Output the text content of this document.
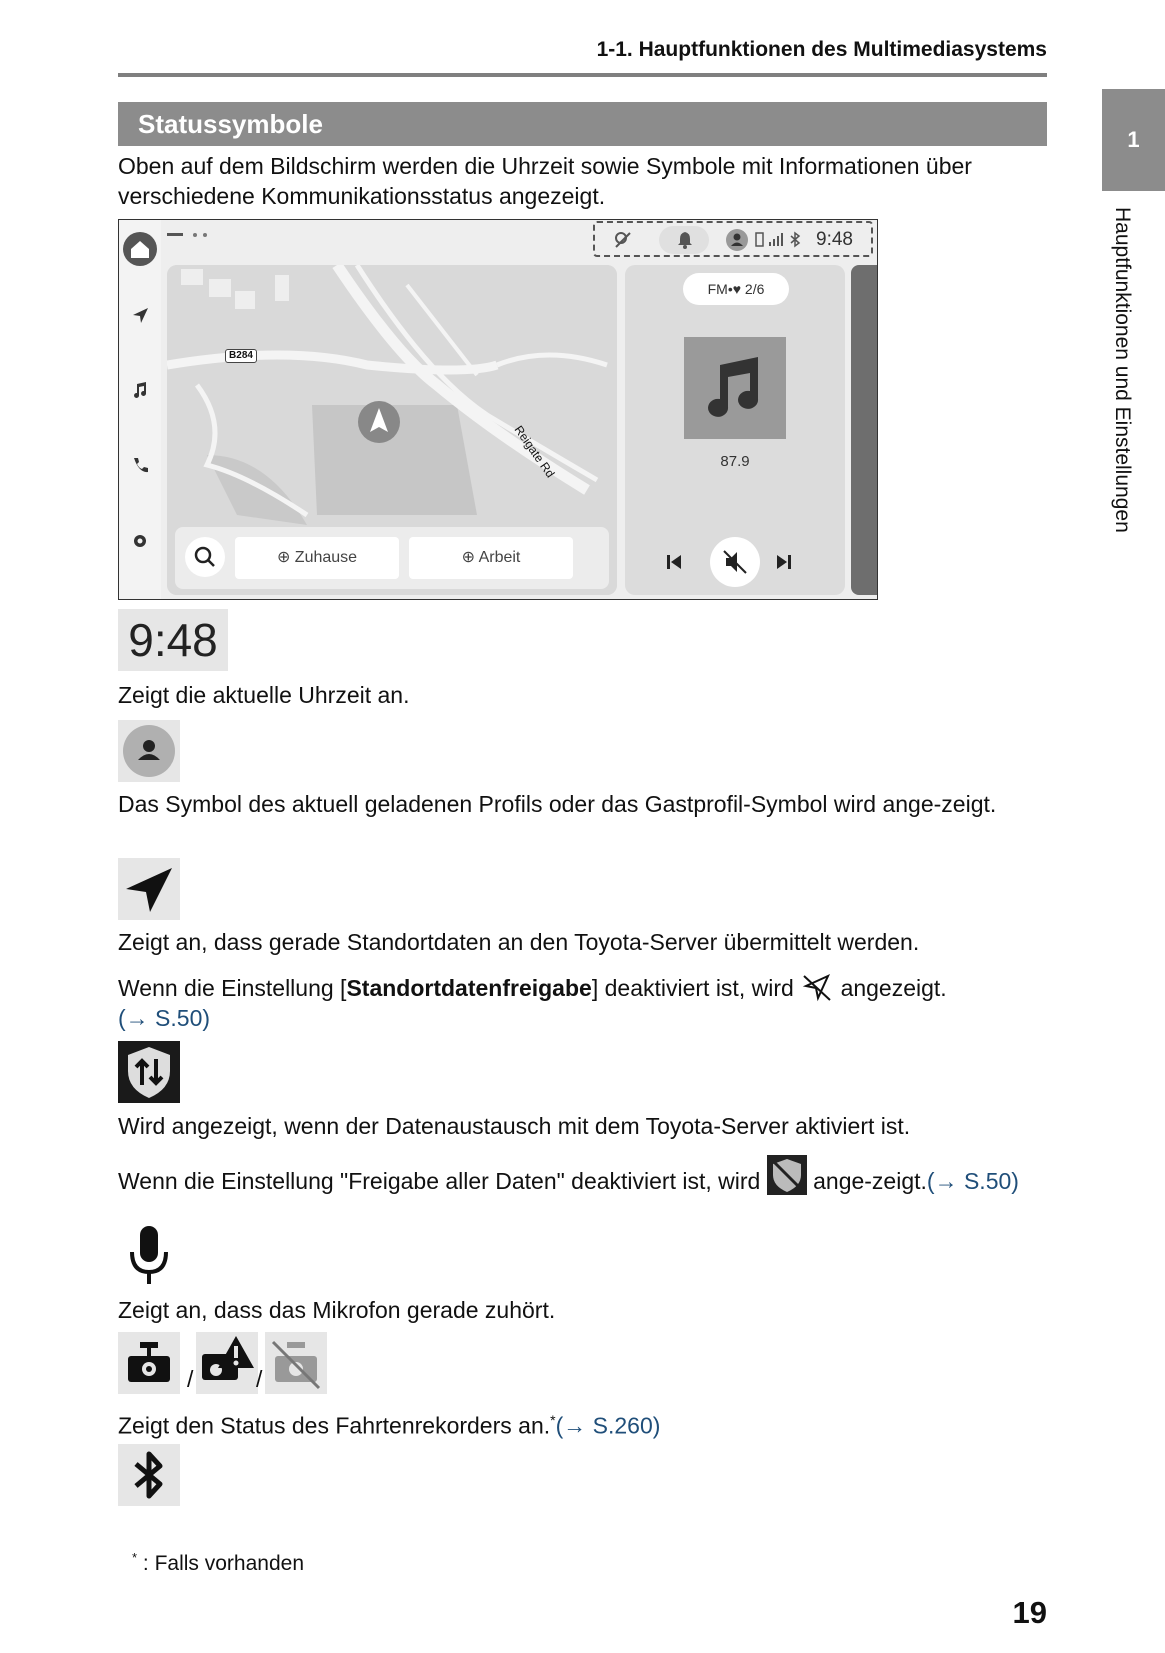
1-1. Hauptfunktionen des Multimediasystems
1
Hauptfunktionen und Einstellungen
Statussymbole
Oben auf dem Bildschirm werden die Uhrzeit sowie Symbole mit Informationen über verschiedene Kommunikationsstatus angezeigt.
9:48
B284
Reigate Rd
⊕ Zuhause	⊕ Arbeit
FM•♥ 2/6
87.9
9:48
Zeigt die aktuelle Uhrzeit an.
Das Symbol des aktuell geladenen Profils oder das Gastprofil-Symbol wird ange-zeigt.
Zeigt an, dass gerade Standortdaten an den Toyota-Server übermittelt werden.
Wenn die Einstellung [Standortdatenfreigabe] deaktiviert ist, wird angezeigt.
(→ S.50)
Wird angezeigt, wenn der Datenaustausch mit dem Toyota-Server aktiviert ist.
Wenn die Einstellung "Freigabe aller Daten" deaktiviert ist, wird ange-zeigt.(→ S.50)
Zeigt an, dass das Mikrofon gerade zuhört.
/	/
Zeigt den Status des Fahrtenrekorders an.*(→ S.260)
* : Falls vorhanden
19
